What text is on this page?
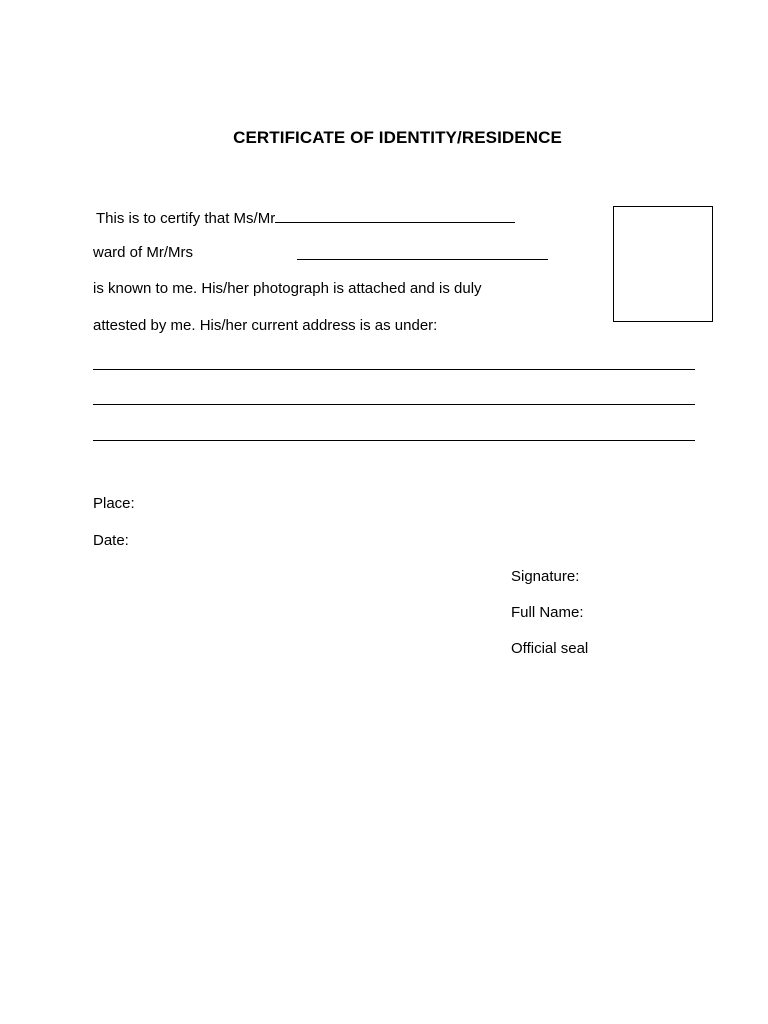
CERTIFICATE OF IDENTITY/RESIDENCE
This is to certify that Ms/Mr
ward of Mr/Mrs
is known to me. His/her photograph is attached and is duly
attested by me. His/her current address is as under:
Place:
Date:
Signature:
Full Name:
Official seal
